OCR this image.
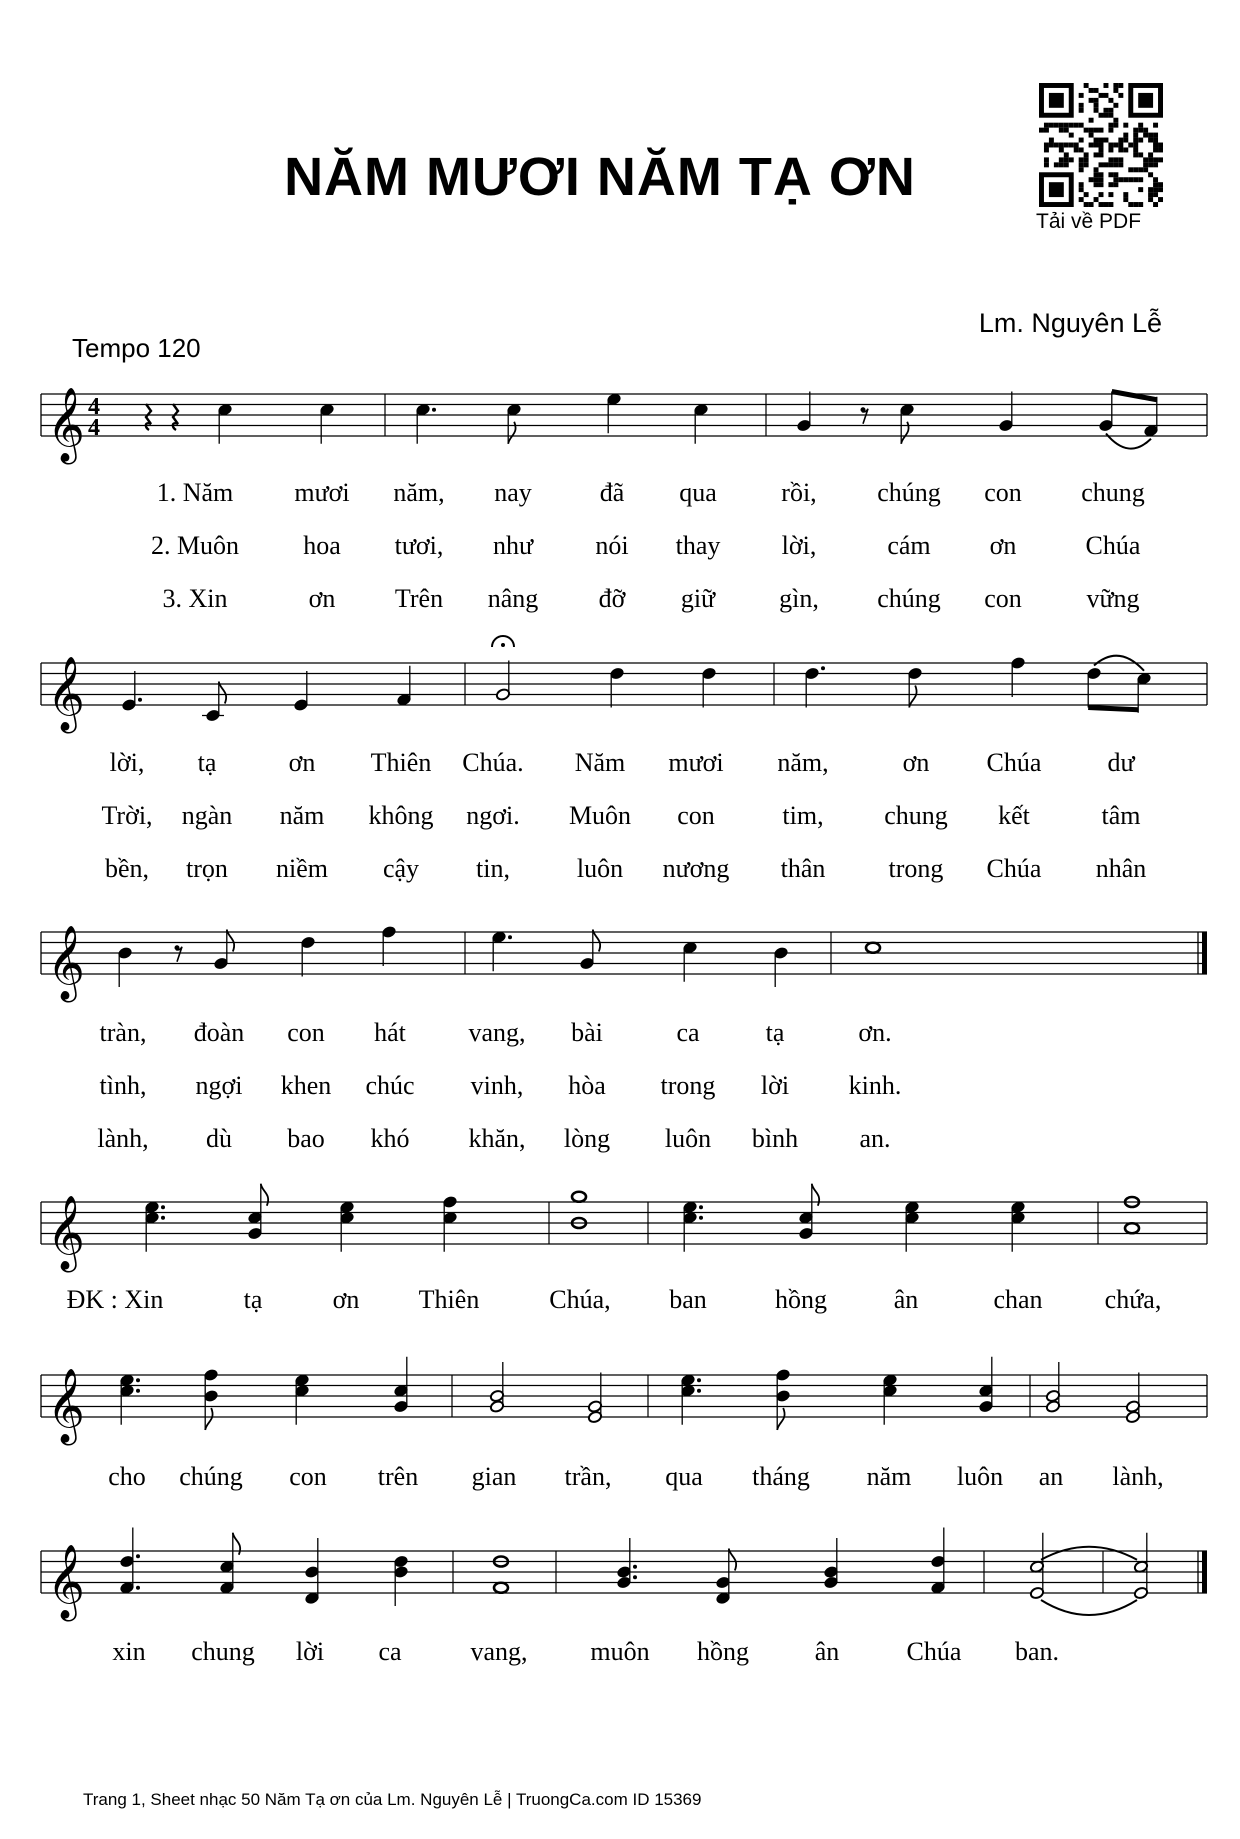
NĂM MƯƠI NĂM TẠ ƠN
Tải về PDF
Lm. Nguyên Lễ
Tempo 120
𝄞 4
4
𝄞
𝄞
𝄞
𝄞
𝄞
1. Năm mươi năm, nay	đã qua rồi, chúng con chung
2. Muôn hoa tươi, như nói thay lời,	cám ơn	Chúa
3. Xin	ơn Trên nâng đỡ giữ gìn, chúng con vững
lời, tạ	ơn Thiên Chúa. Năm mươi năm,	ơn Chúa	dư
Trời, ngàn năm không ngơi. Muôn con	tim, chung kết	tâm
bền, trọn niềm cậy tin,	luôn nương thân trong Chúa nhân
tràn, đoàn con hát vang, bài	ca	tạ	ơn.
tình, ngợi khen chúc vinh, hòa trong lời kinh.
lành, dù bao khó khăn, lòng luôn bình an.
ĐK : Xin	tạ	ơn Thiên	Chúa, ban	hồng	ân	chan chứa,
cho chúng con trên gian trần, qua tháng năm luôn an lành,
xin chung lời ca	vang, muôn hồng	ân	Chúa ban.
Trang 1, Sheet nhạc 50 Năm Tạ ơn của Lm. Nguyên Lễ | TruongCa.com ID 15369
